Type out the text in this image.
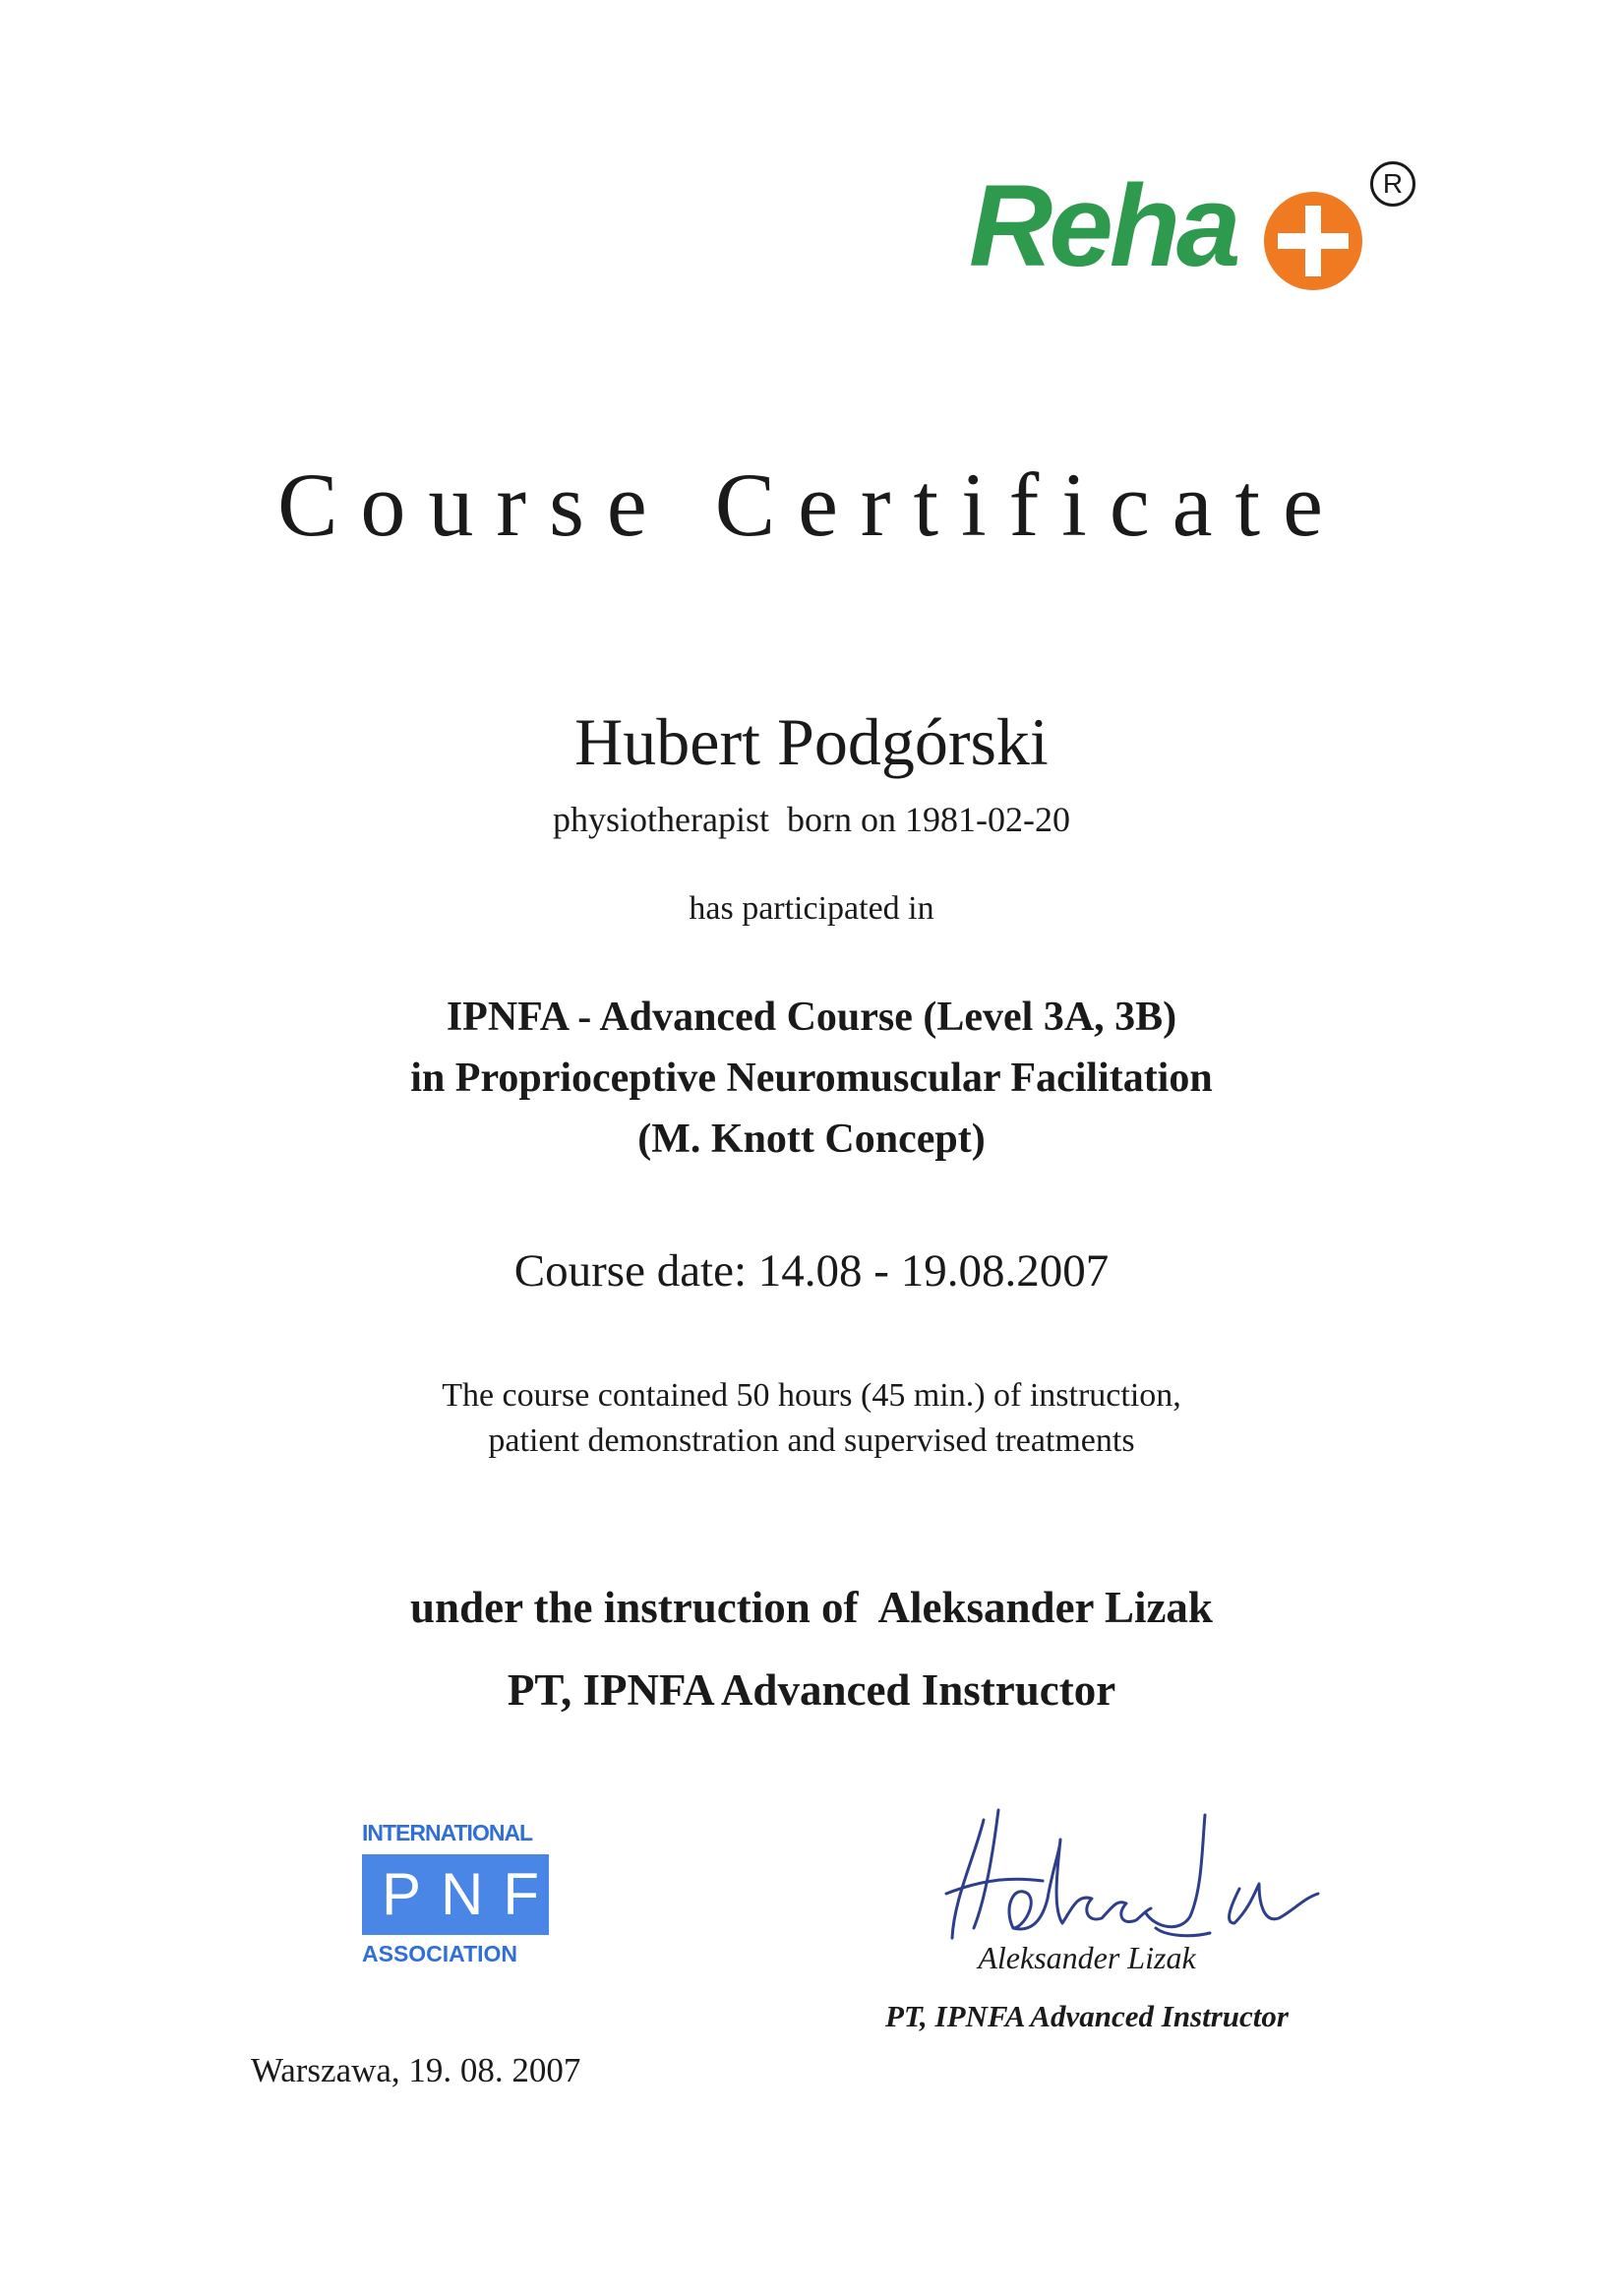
Reha	R
Course Certificate
Hubert Podgórski
physiotherapist  born on 1981-02-20
has participated in
IPNFA - Advanced Course (Level 3A, 3B)
in Proprioceptive Neuromuscular Facilitation
(M. Knott Concept)
Course date: 14.08 - 19.08.2007
The course contained 50 hours (45 min.) of instruction,
patient demonstration and supervised treatments
under the instruction of  Aleksander Lizak
PT, IPNFA Advanced Instructor
INTERNATIONAL
PNF
ASSOCIATION	Aleksander Lizak
PT, IPNFA Advanced Instructor
Warszawa, 19. 08. 2007
